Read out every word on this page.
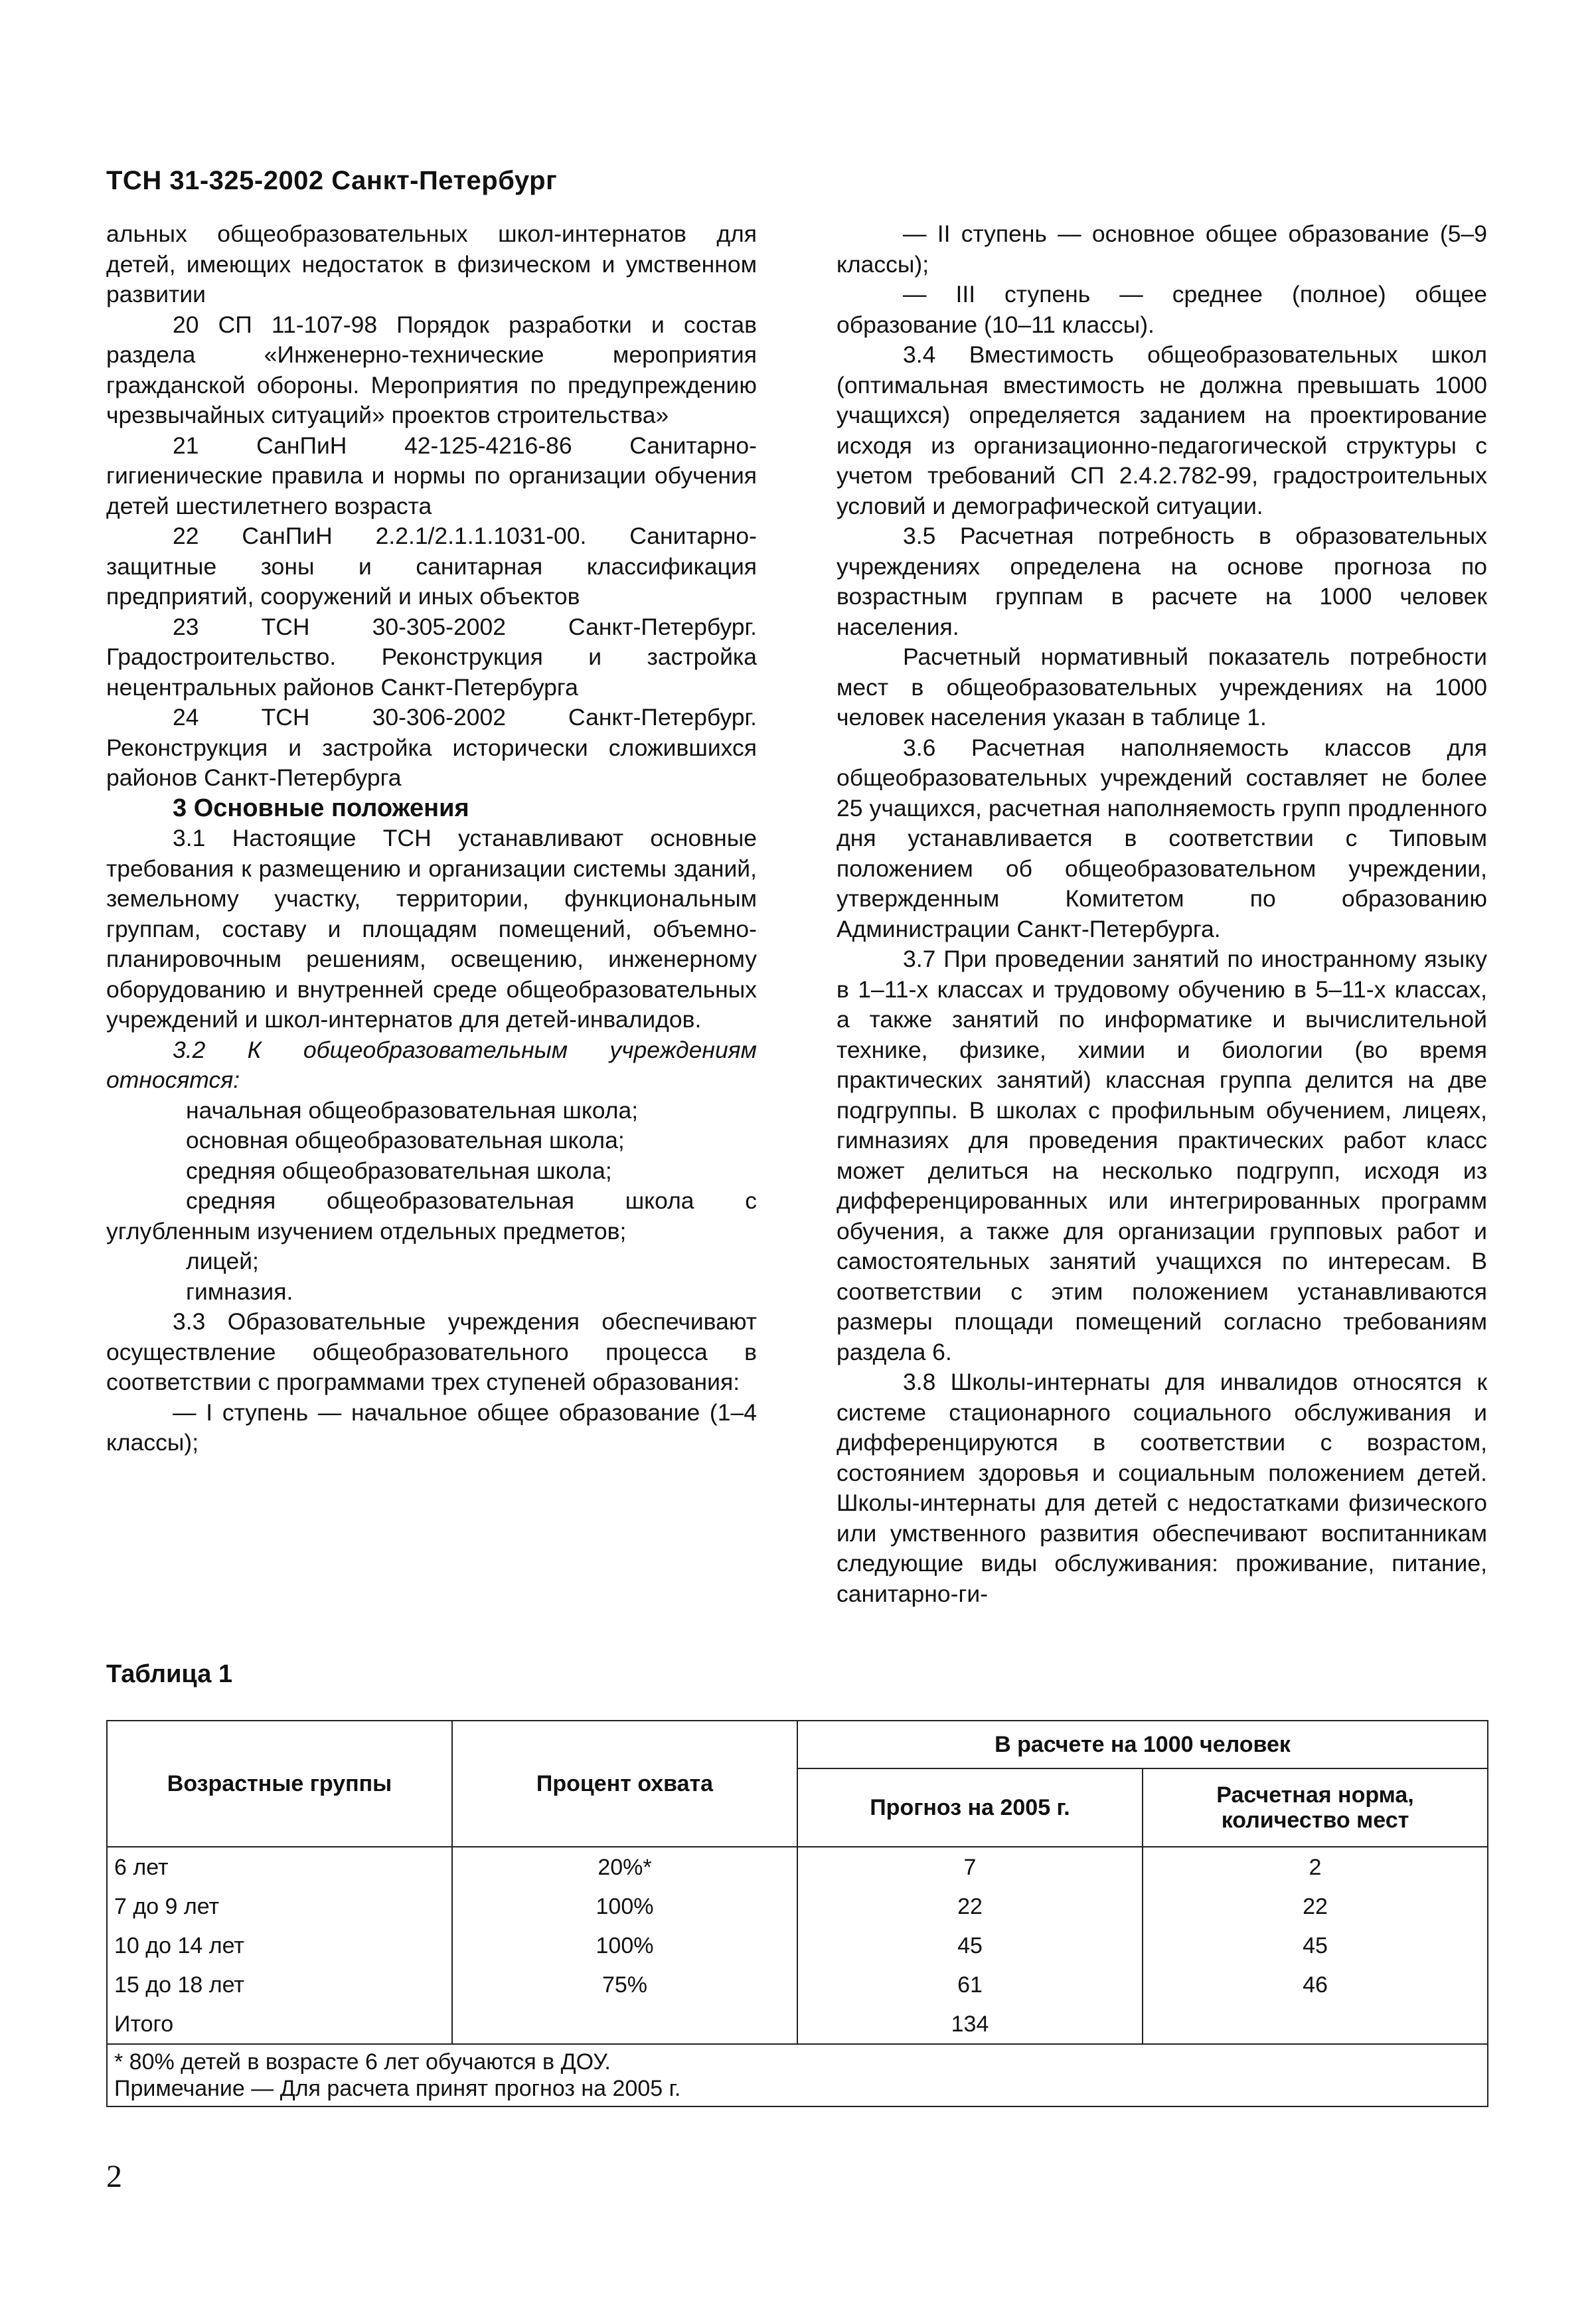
ТСН 31-325-2002 Санкт-Петербург

альных общеобразовательных школ-интернатов для детей, имеющих недостаток в физическом и умственном развитии

20 СП 11-107-98 Порядок разработки и состав раздела «Инженерно-технические мероприятия гражданской обороны. Мероприятия по предупреждению чрезвычайных ситуаций» проектов строительства»

21 СанПиН 42-125-4216-86 Санитарно-гигиенические правила и нормы по организации обучения детей шестилетнего возраста

22 СанПиН 2.2.1/2.1.1.1031-00. Санитарно-защитные зоны и санитарная классификация предприятий, сооружений и иных объектов

23 ТСН 30-305-2002 Санкт-Петербург. Градостроительство. Реконструкция и застройка нецентральных районов Санкт-Петербурга

24 ТСН 30-306-2002 Санкт-Петербург. Реконструкция и застройка исторически сложившихся районов Санкт-Петербурга

3 Основные положения

3.1 Настоящие ТСН устанавливают основные требования к размещению и организации системы зданий, земельному участку, территории, функциональным группам, составу и площадям помещений, объемно-планировочным решениям, освещению, инженерному оборудованию и внутренней среде общеобразовательных учреждений и школ-интернатов для детей-инвалидов.

3.2 К общеобразовательным учреждениям относятся:

начальная общеобразовательная школа;

основная общеобразовательная школа;

средняя общеобразовательная школа;

средняя общеобразовательная школа с углубленным изучением отдельных предметов;

лицей;

гимназия.

3.3 Образовательные учреждения обеспечивают осуществление общеобразовательного процесса в соответствии с программами трех ступеней образования:

— I ступень — начальное общее образование (1–4 классы);

— II ступень — основное общее образование (5–9 классы);

— III ступень — среднее (полное) общее образование (10–11 классы).

3.4 Вместимость общеобразовательных школ (оптимальная вместимость не должна превышать 1000 учащихся) определяется заданием на проектирование исходя из организационно-педагогической структуры с учетом требований СП 2.4.2.782-99, градостроительных условий и демографической ситуации.

3.5 Расчетная потребность в образовательных учреждениях определена на основе прогноза по возрастным группам в расчете на 1000 человек населения.

Расчетный нормативный показатель потребности мест в общеобразовательных учреждениях на 1000 человек населения указан в таблице 1.

3.6 Расчетная наполняемость классов для общеобразовательных учреждений составляет не более 25 учащихся, расчетная наполняемость групп продленного дня устанавливается в соответствии с Типовым положением об общеобразовательном учреждении, утвержденным Комитетом по образованию Администрации Санкт-Петербурга.

3.7 При проведении занятий по иностранному языку в 1–11-х классах и трудовому обучению в 5–11-х классах, а также занятий по информатике и вычислительной технике, физике, химии и биологии (во время практических занятий) классная группа делится на две подгруппы. В школах с профильным обучением, лицеях, гимназиях для проведения практических работ класс может делиться на несколько подгрупп, исходя из дифференцированных или интегрированных программ обучения, а также для организации групповых работ и самостоятельных занятий учащихся по интересам. В соответствии с этим положением устанавливаются размеры площади помещений согласно требованиям раздела 6.

3.8 Школы-интернаты для инвалидов относятся к системе стационарного социального обслуживания и дифференцируются в соответствии с возрастом, состоянием здоровья и социальным положением детей. Школы-интернаты для детей с недостатками физического или умственного развития обеспечивают воспитанникам следующие виды обслуживания: проживание, питание, санитарно-ги-

Таблица 1
Возрастные группы	Процент охвата	В расчете на 1000 человек	
		Прогноз на 2005 г.	Расчетная норма, количество мест
6 лет	20%*	7	2
7 до 9 лет	100%	22	22
10 до 14 лет	100%	45	45
15 до 18 лет	75%	61	46
Итого		134	

* 80% детей в возрасте 6 лет обучаются в ДОУ.
Примечание — Для расчета принят прогноз на 2005 г.			
2
